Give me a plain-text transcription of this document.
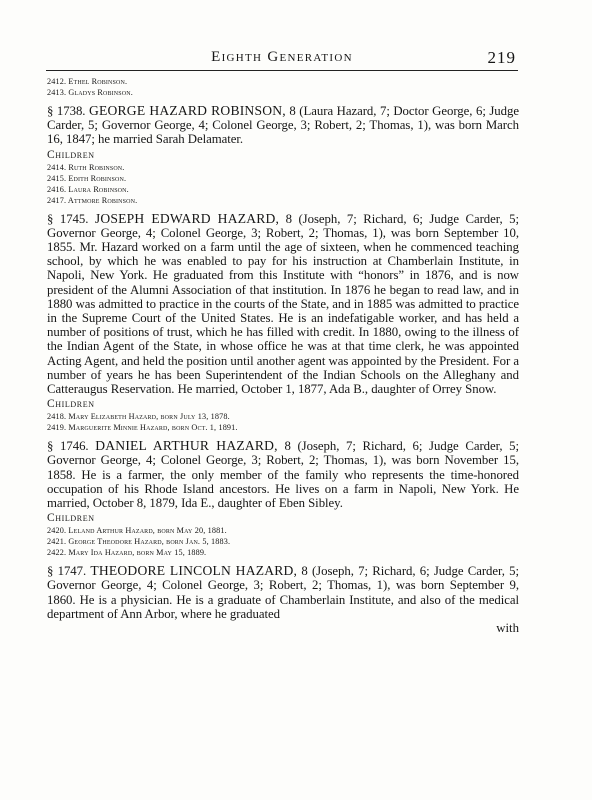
Eighth Generation	219
2412. Ethel Robinson.
2413. Gladys Robinson.

§ 1738. GEORGE HAZARD ROBINSON, 8 (Laura Hazard, 7; Doctor George, 6; Judge Carder, 5; Governor George, 4; Colonel George, 3; Robert, 2; Thomas, 1), was born March 16, 1847; he married Sarah Delamater.

Children
2414. Ruth Robinson.
2415. Edith Robinson.
2416. Laura Robinson.
2417. Attmore Robinson.

§ 1745. JOSEPH EDWARD HAZARD, 8 (Joseph, 7; Richard, 6; Judge Carder, 5; Governor George, 4; Colonel George, 3; Robert, 2; Thomas, 1), was born September 10, 1855. Mr. Hazard worked on a farm until the age of sixteen, when he commenced teaching school, by which he was enabled to pay for his instruction at Chamberlain Institute, in Napoli, New York. He graduated from this Institute with “honors” in 1876, and is now president of the Alumni Association of that institution. In 1876 he began to read law, and in 1880 was admitted to practice in the courts of the State, and in 1885 was admitted to practice in the Supreme Court of the United States. He is an indefatigable worker, and has held a number of positions of trust, which he has filled with credit. In 1880, owing to the illness of the Indian Agent of the State, in whose office he was at that time clerk, he was appointed Acting Agent, and held the position until another agent was appointed by the President. For a number of years he has been Superintendent of the Indian Schools on the Alleghany and Catteraugus Reservation. He married, October 1, 1877, Ada B., daughter of Orrey Snow.

Children
2418. Mary Elizabeth Hazard, born July 13, 1878.
2419. Marguerite Minnie Hazard, born Oct. 1, 1891.

§ 1746. DANIEL ARTHUR HAZARD, 8 (Joseph, 7; Richard, 6; Judge Carder, 5; Governor George, 4; Colonel George, 3; Robert, 2; Thomas, 1), was born November 15, 1858. He is a farmer, the only member of the family who represents the time-honored occupation of his Rhode Island ancestors. He lives on a farm in Napoli, New York. He married, October 8, 1879, Ida E., daughter of Eben Sibley.

Children
2420. Leland Arthur Hazard, born May 20, 1881.
2421. George Theodore Hazard, born Jan. 5, 1883.
2422. Mary Ida Hazard, born May 15, 1889.

§ 1747. THEODORE LINCOLN HAZARD, 8 (Joseph, 7; Richard, 6; Judge Carder, 5; Governor George, 4; Colonel George, 3; Robert, 2; Thomas, 1), was born September 9, 1860. He is a physician. He is a graduate of Chamberlain Institute, and also of the medical department of Ann Arbor, where he graduated

with
